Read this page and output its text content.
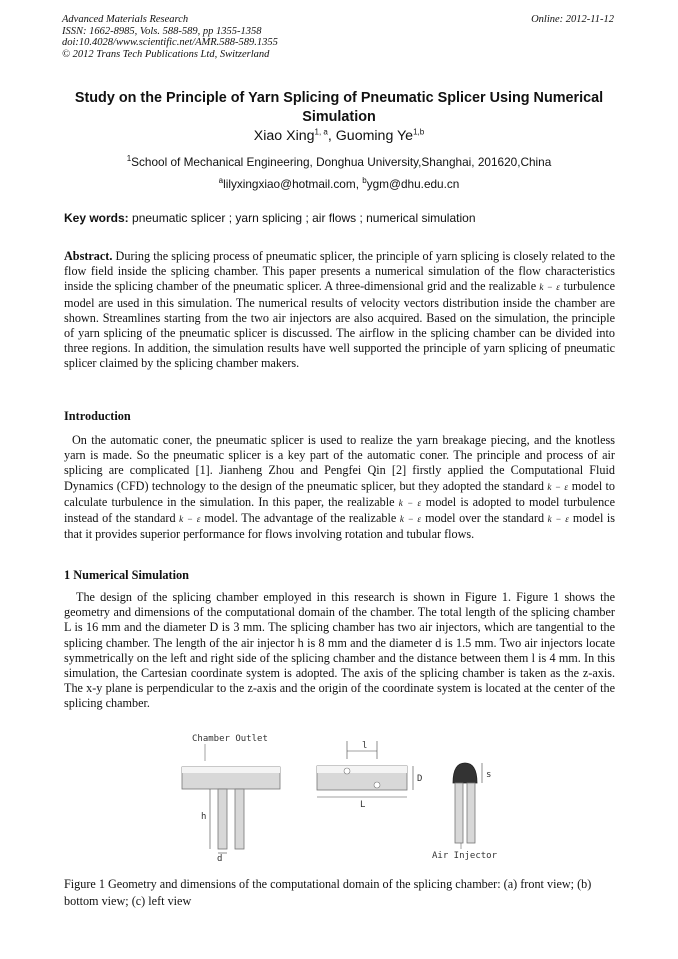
Advanced Materials Research
ISSN: 1662-8985, Vols. 588-589, pp 1355-1358
doi:10.4028/www.scientific.net/AMR.588-589.1355
© 2012 Trans Tech Publications Ltd, Switzerland
Online: 2012-11-12
Study on the Principle of Yarn Splicing of Pneumatic Splicer Using Numerical Simulation
Xiao Xing$^{1, a}$, Guoming Ye$^{1,b}$
$^1$School of Mechanical Engineering, Donghua University,Shanghai, 201620,China
$^a$lilyxingxiao@hotmail.com, $^b$ygm@dhu.edu.cn
Key words: pneumatic splicer ; yarn splicing ; air flows ; numerical simulation

Abstract. During the splicing process of pneumatic splicer, the principle of yarn splicing is closely related to the flow field inside the splicing chamber. This paper presents a numerical simulation of the flow characteristics inside the splicing chamber of the pneumatic splicer. A three-dimensional grid and the realizable k − ε turbulence model are used in this simulation. The numerical results of velocity vectors distribution inside the chamber are shown. Streamlines starting from the two air injectors are also acquired. Based on the simulation, the principle of yarn splicing of the pneumatic splicer is discussed. The airflow in the splicing chamber can be divided into three regions. In addition, the simulation results have well supported the principle of yarn splicing of pneumatic splicer claimed by the splicing chamber makers.

Introduction

On the automatic coner, the pneumatic splicer is used to realize the yarn breakage piecing, and the knotless yarn is made. So the pneumatic splicer is a key part of the automatic coner. The principle and process of air splicing are complicated [1]. Jianheng Zhou and Pengfei Qin [2] firstly applied the Computational Fluid Dynamics (CFD) technology to the design of the pneumatic splicer, but they adopted the standard k − ε model to calculate turbulence in the simulation. In this paper, the realizable k − ε model is adopted to model turbulence instead of the standard k − ε model. The advantage of the realizable k − ε model over the standard k − ε model is that it provides superior performance for flows involving rotation and tubular flows.

1 Numerical Simulation

The design of the splicing chamber employed in this research is shown in Figure 1. Figure 1 shows the geometry and dimensions of the computational domain of the chamber. The total length of the splicing chamber L is 16 mm and the diameter D is 3 mm. The splicing chamber has two air injectors, which are tangential to the splicing chamber. The length of the air injector h is 8 mm and the diameter d is 1.5 mm. Two air injectors locate symmetrically on the left and right side of the splicing chamber and the distance between them l is 4 mm. In this simulation, the Cartesian coordinate system is adopted. The axis of the splicing chamber is taken as the z-axis. The x-y plane is perpendicular to the z-axis and the origin of the coordinate system is located at the center of the splicing chamber.

Chamber Outlet
h
d
l
D
L
s
Air Injector
Figure 1 Geometry and dimensions of the computational domain of the splicing chamber: (a) front view; (b) bottom view; (c) left view
